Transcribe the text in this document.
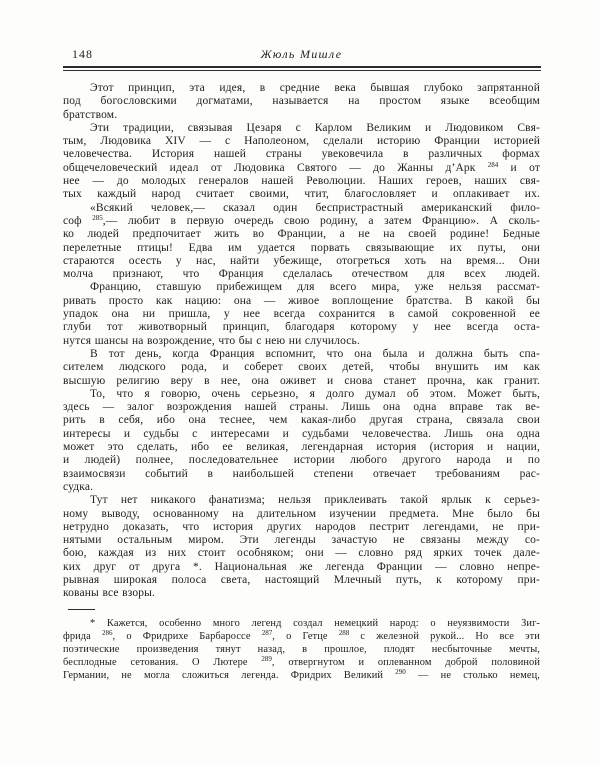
148	Жюль Мишле
Этот принцип, эта идея, в средние века бывшая глубоко запрятанной
под богословскими догматами, называется на простом языке всеобщим
братством.
Эти традиции, связывая Цезаря с Карлом Великим и Людовиком Свя-
тым, Людовика XIV — с Наполеоном, сделали историю Франции историей
человечества. История нашей страны увековечила в различных формах
общечеловеческий идеал от Людовика Святого — до Жанны д’Арк $^{284}$ и от
нее — до молодых генералов нашей Революции. Наших героев, наших свя-
тых каждый народ считает своими, чтит, благословляет и оплакивает их.
«Всякий человек,— сказал один беспристрастный американский фило-
соф $^{285}$,— любит в первую очередь свою родину, а затем Францию». А сколь-
ко людей предпочитает жить во Франции, а не на своей родине! Бедные
перелетные птицы! Едва им удается порвать связывающие их путы, они
стараются осесть у нас, найти убежище, отогреться хоть на время... Они
молча признают, что Франция сделалась отечеством для всех людей.
Францию, ставшую прибежищем для всего мира, уже нельзя рассмат-
ривать просто как нацию: она — живое воплощение братства. В какой бы
упадок она ни пришла, у нее всегда сохранится в самой сокровенной ее
глуби тот животворный принцип, благодаря которому у нее всегда оста-
нутся шансы на возрождение, что бы с нею ни случилось.
В тот день, когда Франция вспомнит, что она была и должна быть спа-
сителем людского рода, и соберет своих детей, чтобы внушить им как
высшую религию веру в нее, она оживет и снова станет прочна, как гранит.
То, что я говорю, очень серьезно, я долго думал об этом. Может быть,
здесь — залог возрождения нашей страны. Лишь она одна вправе так ве-
рить в себя, ибо она теснее, чем какая-либо другая страна, связала свои
интересы и судьбы с интересами и судьбами человечества. Лишь она одна
может это сделать, ибо ее великая, легендарная история (история и нации,
и людей) полнее, последовательнее истории любого другого народа и по
взаимосвязи событий в наибольшей степени отвечает требованиям рас-
судка.
Тут нет никакого фанатизма; нельзя приклеивать такой ярлык к серьез-
ному выводу, основанному на длительном изучении предмета. Мне было бы
нетрудно доказать, что история других народов пестрит легендами, не при-
нятыми остальным миром. Эти легенды зачастую не связаны между со-
бою, каждая из них стоит особняком; они — словно ряд ярких точек дале-
ких друг от друга *. Национальная же легенда Франции — словно непре-
рывная широкая полоса света, настоящий Млечный путь, к которому при-
кованы все взоры.
* Кажется, особенно много легенд создал немецкий народ: о неуязвимости Зиг-
фрида $^{286}$, о Фридрихе Барбароссе $^{287}$, о Гетце $^{288}$ с железной рукой... Но все эти
поэтические произведения тянут назад, в прошлое, плодят несбыточные мечты,
бесплодные сетования. О Лютере $^{289}$, отвергнутом и оплеванном доброй половиной
Германии, не могла сложиться легенда. Фридрих Великий $^{290}$ — не столько немец,
